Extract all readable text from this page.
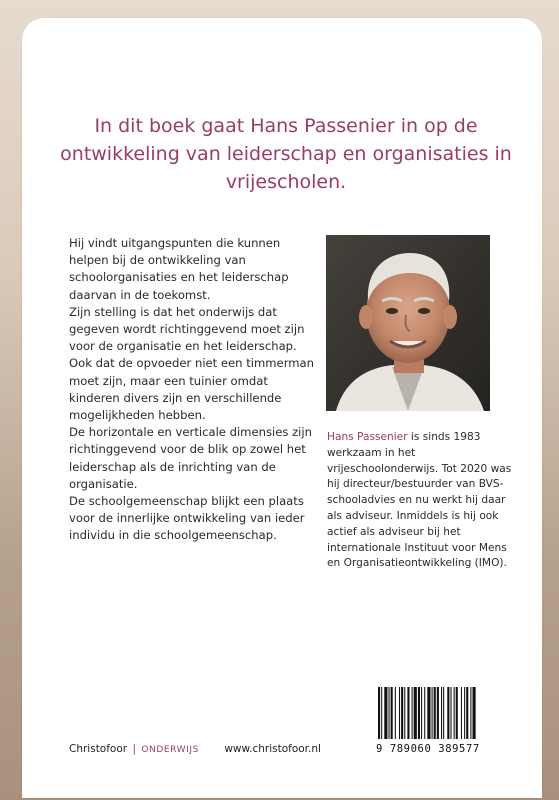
In dit boek gaat Hans Passenier in op de ontwikkeling van leiderschap en organisaties in vrijescholen.

Hij vindt uitgangspunten die kunnen helpen bij de ontwikkeling van schoolorganisaties en het leiderschap daarvan in de toekomst.

Zijn stelling is dat het onderwijs dat gegeven wordt richtinggevend moet zijn voor de organisatie en het leiderschap. Ook dat de opvoeder niet een timmerman moet zijn, maar een tuinier omdat kinderen divers zijn en verschillende mogelijkheden hebben.

De horizontale en verticale dimensies zijn richtinggevend voor de blik op zowel het leiderschap als de inrichting van de organisatie.

De schoolgemeenschap blijkt een plaats voor de innerlijke ontwikkeling van ieder individu in die schoolgemeenschap.

Hans Passenier is sinds 1983 werkzaam in het vrijeschoolonderwijs. Tot 2020 was hij directeur/bestuurder van BVS-schooladvies en nu werkt hij daar als adviseur. Inmiddels is hij ook actief als adviseur bij het internationale Instituut voor Mens en Organisatieontwikkeling (IMO).

9 789060 389577
Christofoor | ONDERWIJS www.christofoor.nl
